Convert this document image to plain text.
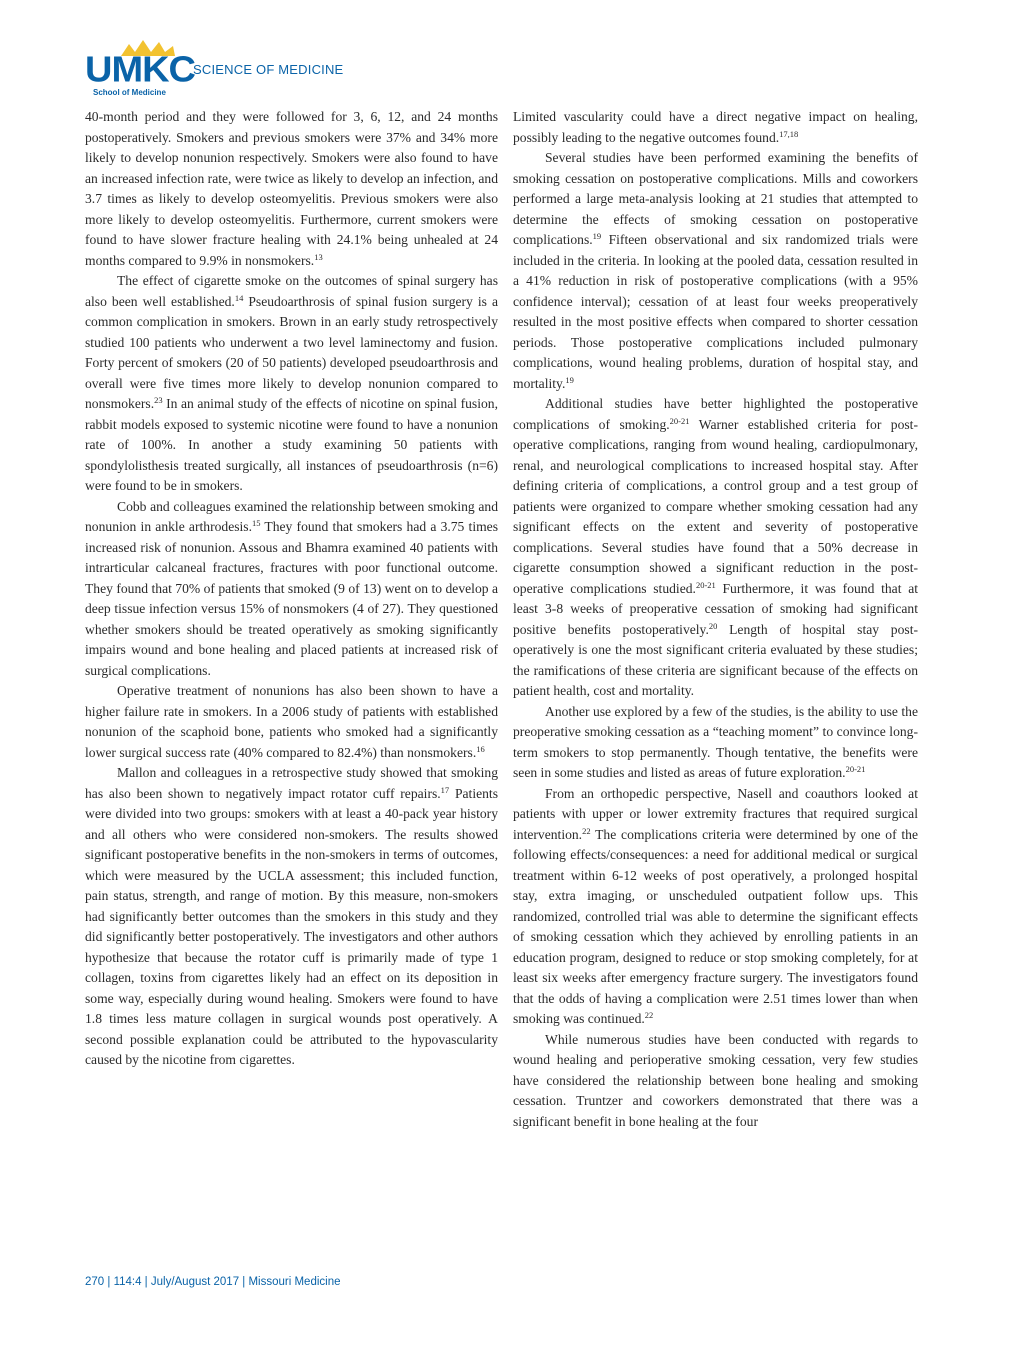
UMKC
School of Medicine
SCIENCE OF MEDICINE

40-month period and they were followed for 3, 6, 12, and 24 months postoperatively. Smokers and previous smokers were 37% and 34% more likely to develop nonunion respectively. Smokers were also found to have an increased infection rate, were twice as likely to develop an infection, and 3.7 times as likely to develop osteomyelitis. Previous smokers were also more likely to develop osteomyelitis. Furthermore, current smokers were found to have slower fracture healing with 24.1% being unhealed at 24 months compared to 9.9% in nonsmokers.$^{13}$

The effect of cigarette smoke on the outcomes of spinal surgery has also been well established.$^{14}$ Pseudoarthrosis of spinal fusion surgery is a common complication in smokers. Brown in an early study retrospectively studied 100 patients who underwent a two level laminectomy and fusion. Forty percent of smokers (20 of 50 patients) developed pseudoarthrosis and overall were five times more likely to develop nonunion compared to nonsmokers.$^{23}$ In an animal study of the effects of nicotine on spinal fusion, rabbit models exposed to systemic nicotine were found to have a nonunion rate of 100%. In another a study examining 50 patients with spondylolisthesis treated surgically, all instances of pseudoarthrosis (n=6) were found to be in smokers.

Cobb and colleagues examined the relationship between smoking and nonunion in ankle arthrodesis.$^{15}$ They found that smokers had a 3.75 times increased risk of nonunion. Assous and Bhamra examined 40 patients with intrarticular calcaneal fractures, fractures with poor functional outcome. They found that 70% of patients that smoked (9 of 13) went on to develop a deep tissue infection versus 15% of nonsmokers (4 of 27). They questioned whether smokers should be treated operatively as smoking significantly impairs wound and bone healing and placed patients at increased risk of surgical complications.

Operative treatment of nonunions has also been shown to have a higher failure rate in smokers. In a 2006 study of patients with established nonunion of the scaphoid bone, patients who smoked had a significantly lower surgical success rate (40% compared to 82.4%) than nonsmokers.$^{16}$

Mallon and colleagues in a retrospective study showed that smoking has also been shown to negatively impact rotator cuff repairs.$^{17}$ Patients were divided into two groups: smokers with at least a 40-pack year history and all others who were considered non-smokers. The results showed significant postoperative benefits in the non-smokers in terms of outcomes, which were measured by the UCLA assessment; this included function, pain status, strength, and range of motion. By this measure, non-smokers had significantly better outcomes than the smokers in this study and they did significantly better postoperatively. The investigators and other authors hypothesize that because the rotator cuff is primarily made of type 1 collagen, toxins from cigarettes likely had an effect on its deposition in some way, especially during wound healing. Smokers were found to have 1.8 times less mature collagen in surgical wounds post operatively. A second possible explanation could be attributed to the hypovascularity caused by the nicotine from cigarettes.

Limited vascularity could have a direct negative impact on healing, possibly leading to the negative outcomes found.$^{17,18}$

Several studies have been performed examining the benefits of smoking cessation on postoperative complications. Mills and coworkers performed a large meta-analysis looking at 21 studies that attempted to determine the effects of smoking cessation on postoperative complications.$^{19}$ Fifteen observational and six randomized trials were included in the criteria. In looking at the pooled data, cessation resulted in a 41% reduction in risk of postoperative complications (with a 95% confidence interval); cessation of at least four weeks preoperatively resulted in the most positive effects when compared to shorter cessation periods. Those postoperative complications included pulmonary complications, wound healing problems, duration of hospital stay, and mortality.$^{19}$

Additional studies have better highlighted the postoperative complications of smoking.$^{20-21}$ Warner established criteria for post-operative complications, ranging from wound healing, cardiopulmonary, renal, and neurological complications to increased hospital stay. After defining criteria of complications, a control group and a test group of patients were organized to compare whether smoking cessation had any significant effects on the extent and severity of postoperative complications. Several studies have found that a 50% decrease in cigarette consumption showed a significant reduction in the post-operative complications studied.$^{20-21}$ Furthermore, it was found that at least 3-8 weeks of preoperative cessation of smoking had significant positive benefits postoperatively.$^{20}$ Length of hospital stay post-operatively is one the most significant criteria evaluated by these studies; the ramifications of these criteria are significant because of the effects on patient health, cost and mortality.

Another use explored by a few of the studies, is the ability to use the preoperative smoking cessation as a “teaching moment” to convince long-term smokers to stop permanently. Though tentative, the benefits were seen in some studies and listed as areas of future exploration.$^{20-21}$

From an orthopedic perspective, Nasell and coauthors looked at patients with upper or lower extremity fractures that required surgical intervention.$^{22}$ The complications criteria were determined by one of the following effects/consequences: a need for additional medical or surgical treatment within 6-12 weeks of post operatively, a prolonged hospital stay, extra imaging, or unscheduled outpatient follow ups. This randomized, controlled trial was able to determine the significant effects of smoking cessation which they achieved by enrolling patients in an education program, designed to reduce or stop smoking completely, for at least six weeks after emergency fracture surgery. The investigators found that the odds of having a complication were 2.51 times lower than when smoking was continued.$^{22}$

While numerous studies have been conducted with regards to wound healing and perioperative smoking cessation, very few studies have considered the relationship between bone healing and smoking cessation. Truntzer and coworkers demonstrated that there was a significant benefit in bone healing at the four

270 | 114:4 | July/August 2017 | Missouri Medicine
